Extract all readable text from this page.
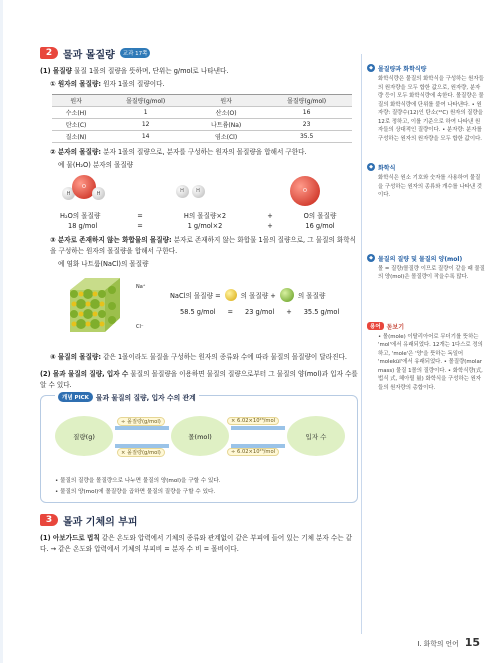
2	물과 몰질량	교과 17쪽
(1) 몰질량 물질 1몰의 질량을 뜻하며, 단위는 g/mol로 나타낸다.
① 원자의 몰질량: 원자 1몰의 질량이다.
원자	몰질량(g/mol)	원자	몰질량(g/mol)
수소(H)	1	산소(O)	16
탄소(C)	12	나트륨(Na)	23
질소(N)	14	염소(Cl)	35.5
② 분자의 몰질량: 분자 1몰의 질량으로, 분자를 구성하는 원자의 몰질량을 합해서 구한다.
예 물(H₂O) 분자의 몰질량
H
O
H	H	H	O
H₂O의 몰질량	=	H의 몰질량×2	+	O의 몰질량
18 g/mol	=	1 g/mol×2	+	16 g/mol
③ 분자로 존재하지 않는 화합물의 몰질량: 분자로 존재하지 않는 화합물 1몰의 질량으로, 그 물질의 화학식을 구성하는 원자의 몰질량을 합해서 구한다.
예 염화 나트륨(NaCl)의 몰질량
Na⁺
Cl⁻
NaCl의 몰질량 =	의 몰질량 +	의 몰질량
58.5 g/mol = 23 g/mol + 35.5 g/mol
④ 물질의 몰질량: 같은 1몰이라도 물질을 구성하는 원자의 종류와 수에 따라 물질의 몰질량이 달라진다.
(2) 몰과 물질의 질량, 입자 수 물질의 몰질량을 이용하면 물질의 질량으로부터 그 물질의 양(mol)과 입자 수를 알 수 있다.
개념 PICK	물과 물질의 질량, 입자 수의 관계
질량(g)	몰(mol)	입자 수
÷ 몰질량(g/mol)
× 몰질량(g/mol)
× 6.02×10²³/mol
÷ 6.02×10²³/mol
• 물질의 질량을 몰질량으로 나누면 물질의 양(mol)을 구할 수 있다.
• 물질의 양(mol)에 몰질량을 곱하면 물질의 질량을 구할 수 있다.
3	몰과 기체의 부피
(1) 아보가드로 법칙 같은 온도와 압력에서 기체의 종류와 관계없이 같은 부피에 들어 있는 기체 분자 수는 같다. → 같은 온도와 압력에서 기체의 부피비 = 분자 수 비 = 몰비이다.
◆ 몰질량과 화학식량
화학식량은 물질의 화학식을 구성하는 원자들의 원자량을 모두 합한 값으로, 원자량, 분자량 등이 모두 화학식량에 속한다. 몰질량은 물질의 화학식량에 단위를 붙여 나타낸다. • 원자량: 질량수(12)인 탄소(¹²C) 원자의 질량을 12로 정하고, 이를 기준으로 하여 나타낸 원자들의 상대적인 질량이다. • 분자량: 분자를 구성하는 원자의 원자량을 모두 합한 값이다.
◆ 화학식
화학식은 원소 기호와 숫자를 사용하여 물질을 구성하는 원자의 종류와 개수를 나타낸 것이다.
◆ 물질의 질량 및 물질의 양(mol)
몰 = 질량/몰질량 이므로 질량이 같을 때 물질의 양(mol)은 몰질량이 작을수록 많다.
용어	돋보기
• 몰(mole) 이탈리아어로 무더기를 뜻하는 'mol'에서 유래되었다. 12개는 1다스로 정의하고, 'mole'은 '양'을 뜻하는 독일어 'molekül'에서 유래되었다. • 몰질량(molar mass) 물질 1몰의 질량이다. • 화학식량(式, 법식 式, 헤아릴 量) 화학식을 구성하는 원자들의 원자량의 총합이다.
I. 화학의 언어 15
